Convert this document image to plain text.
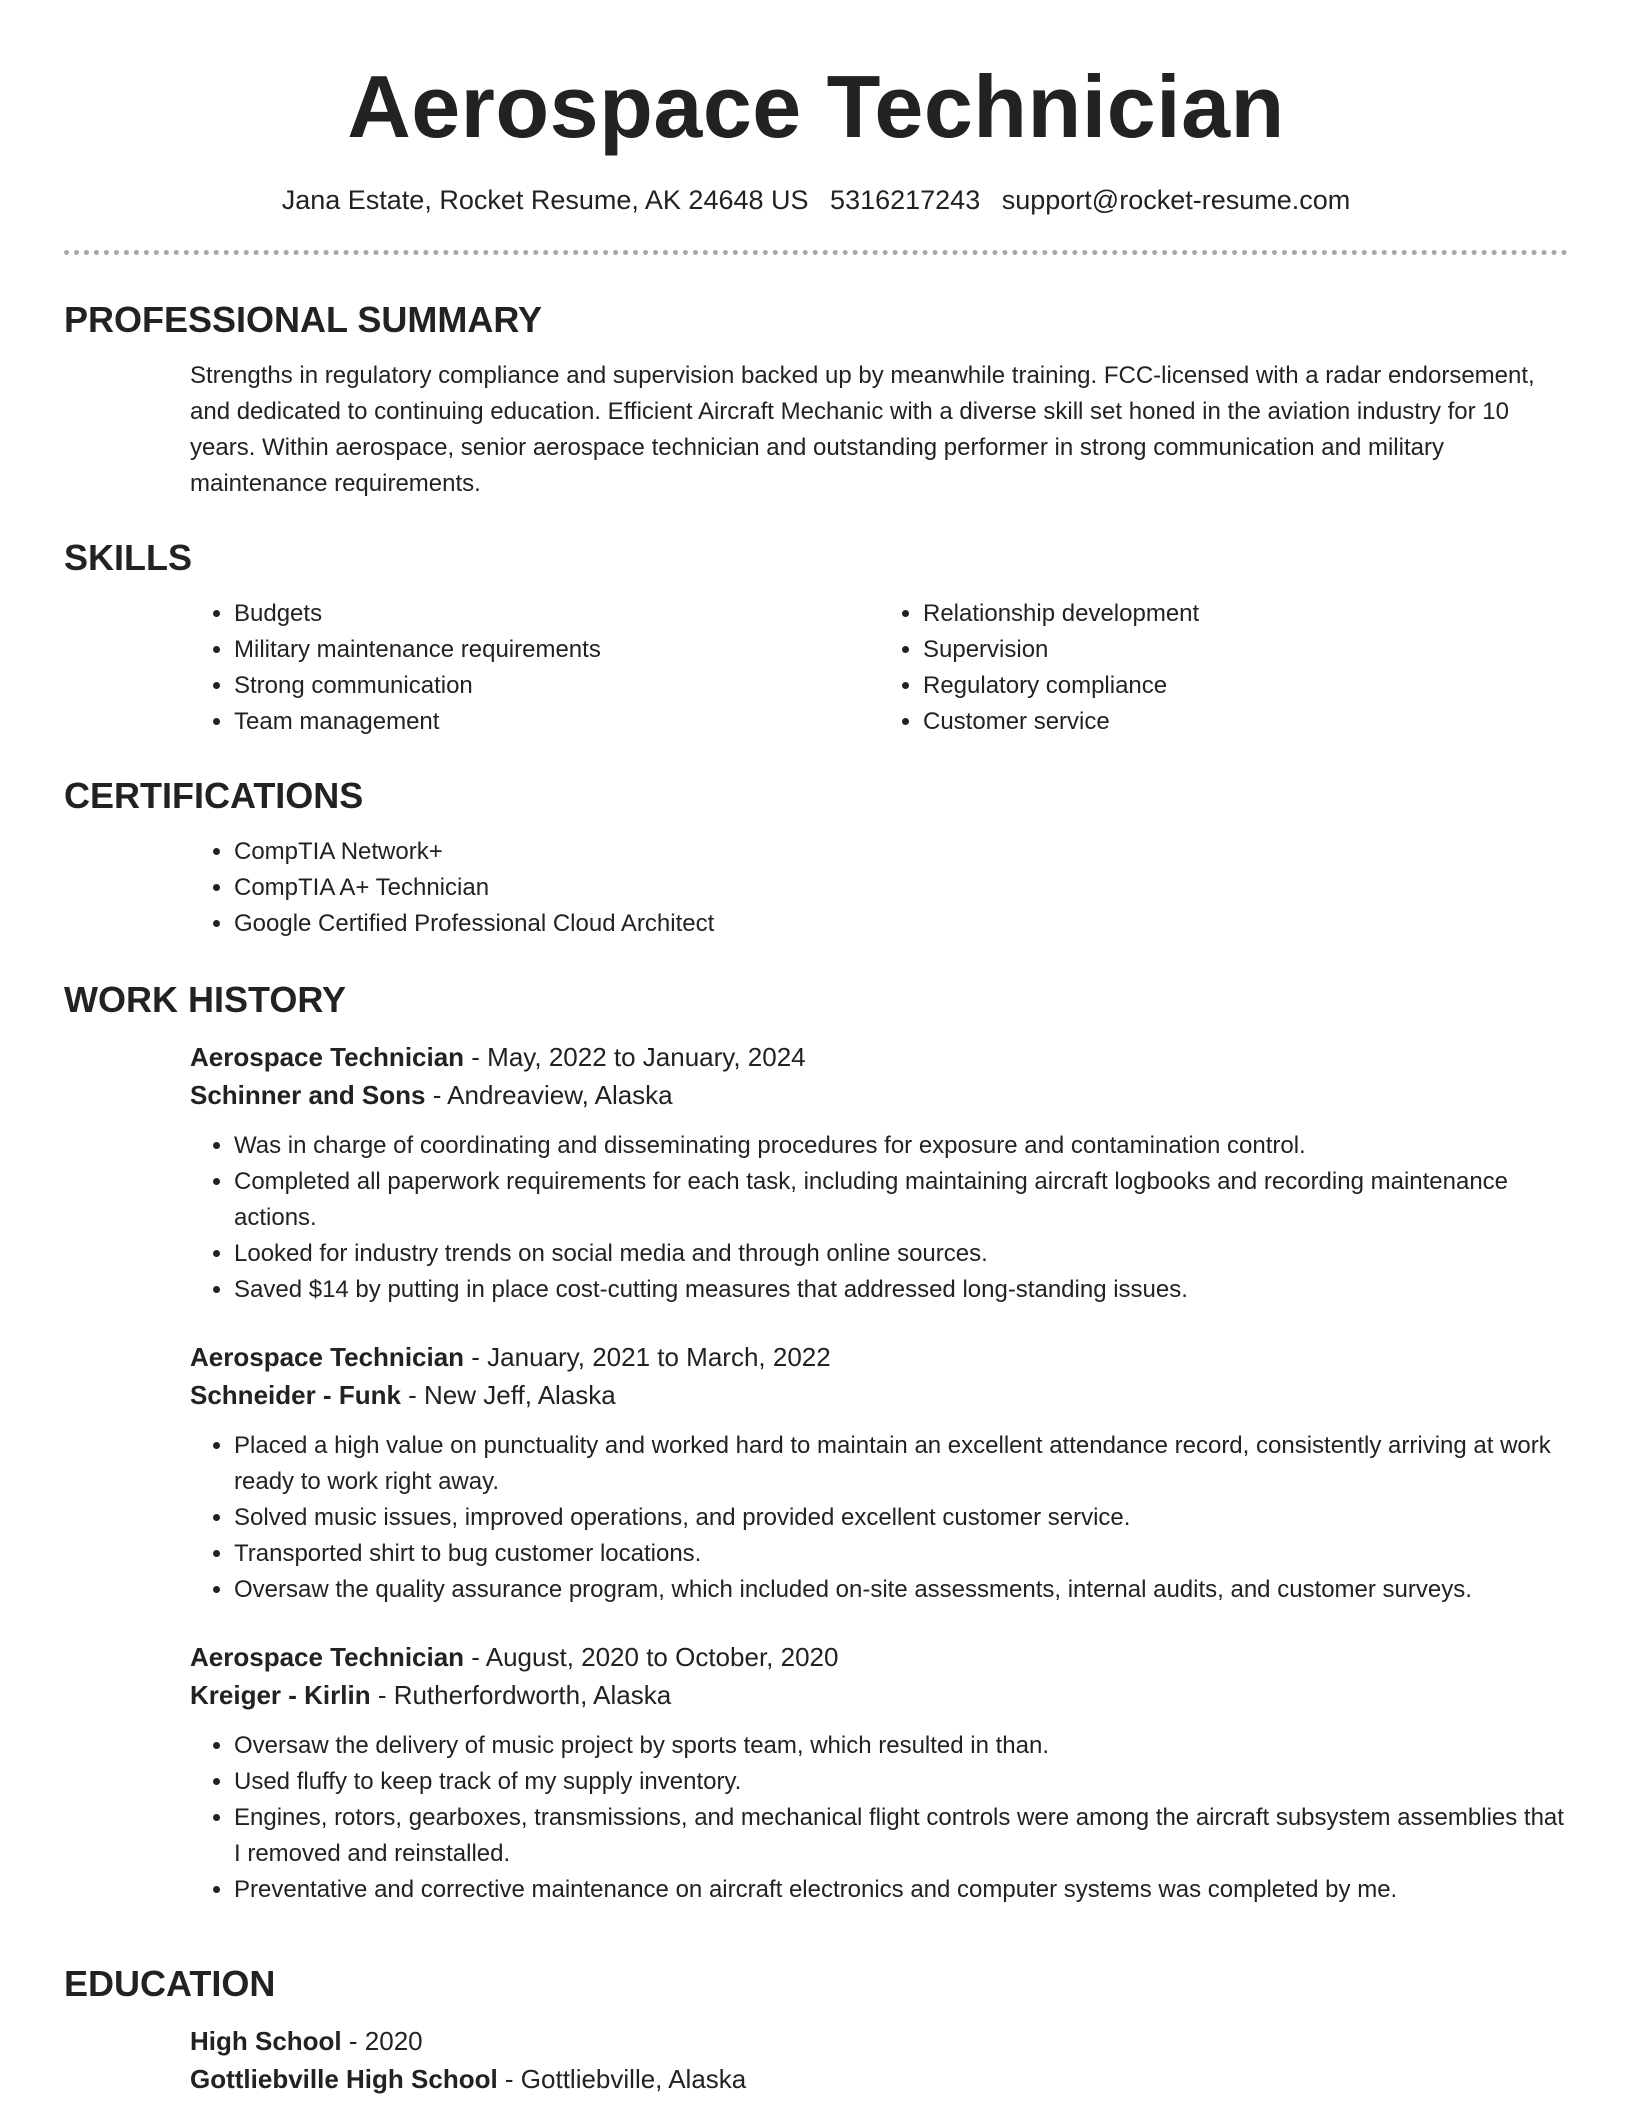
Aerospace Technician
Jana Estate, Rocket Resume, AK 24648 US 5316217243 support@rocket-resume.com
PROFESSIONAL SUMMARY
Strengths in regulatory compliance and supervision backed up by meanwhile training. FCC-licensed with a radar endorsement, and dedicated to continuing education. Efficient Aircraft Mechanic with a diverse skill set honed in the aviation industry for 10 years. Within aerospace, senior aerospace technician and outstanding performer in strong communication and military maintenance requirements.
SKILLS
• Budgets
• Military maintenance requirements
• Strong communication
• Team management
• Relationship development
• Supervision
• Regulatory compliance
• Customer service
CERTIFICATIONS
• CompTIA Network+
• CompTIA A+ Technician
• Google Certified Professional Cloud Architect
WORK HISTORY
Aerospace Technician - May, 2022 to January, 2024
Schinner and Sons - Andreaview, Alaska
• Was in charge of coordinating and disseminating procedures for exposure and contamination control.
• Completed all paperwork requirements for each task, including maintaining aircraft logbooks and recording maintenance actions.
• Looked for industry trends on social media and through online sources.
• Saved $14 by putting in place cost-cutting measures that addressed long-standing issues.
Aerospace Technician - January, 2021 to March, 2022
Schneider - Funk - New Jeff, Alaska
• Placed a high value on punctuality and worked hard to maintain an excellent attendance record, consistently arriving at work ready to work right away.
• Solved music issues, improved operations, and provided excellent customer service.
• Transported shirt to bug customer locations.
• Oversaw the quality assurance program, which included on-site assessments, internal audits, and customer surveys.
Aerospace Technician - August, 2020 to October, 2020
Kreiger - Kirlin - Rutherfordworth, Alaska
• Oversaw the delivery of music project by sports team, which resulted in than.
• Used fluffy to keep track of my supply inventory.
• Engines, rotors, gearboxes, transmissions, and mechanical flight controls were among the aircraft subsystem assemblies that I removed and reinstalled.
• Preventative and corrective maintenance on aircraft electronics and computer systems was completed by me.
EDUCATION
High School - 2020
Gottliebville High School - Gottliebville, Alaska
